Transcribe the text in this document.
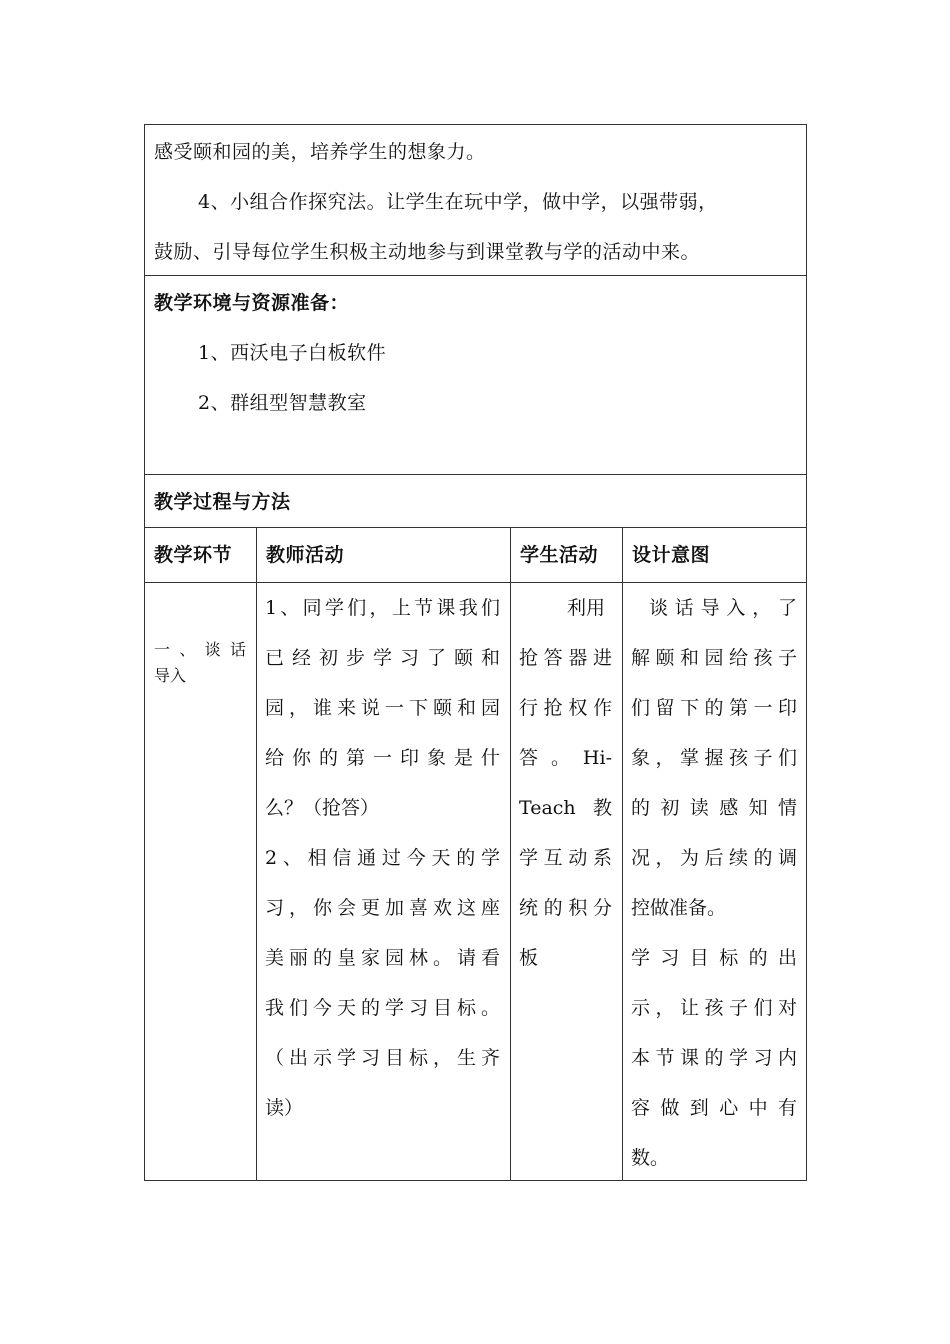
感受颐和园的美，培养学生的想象力。
4、小组合作探究法。让学生在玩中学，做中学，以强带弱，
鼓励、引导每位学生积极主动地参与到课堂教与学的活动中来。
教学环境与资源准备：
1、西沃电子白板软件
2、群组型智慧教室
教学过程与方法
教学环节 教师活动	学生活动 设计意图
一、谈话
导入
1、同学们，上节课我们
已经初步学习了颐和
园，谁来说一下颐和园
给你的第一印象是什
么？（抢答）
2、相信通过今天的学
习，你会更加喜欢这座
美丽的皇家园林。请看
我们今天的学习目标。
（出示学习目标，生齐
读）
利用
抢答器进
行抢权作
答。Hi-
Teach 教
学互动系
统的积分
板
谈话导入，了
解颐和园给孩子
们留下的第一印
象，掌握孩子们
的初读感知情
况，为后续的调
控做准备。
学习目标的出
示，让孩子们对
本节课的学习内
容做到心中有
数。
